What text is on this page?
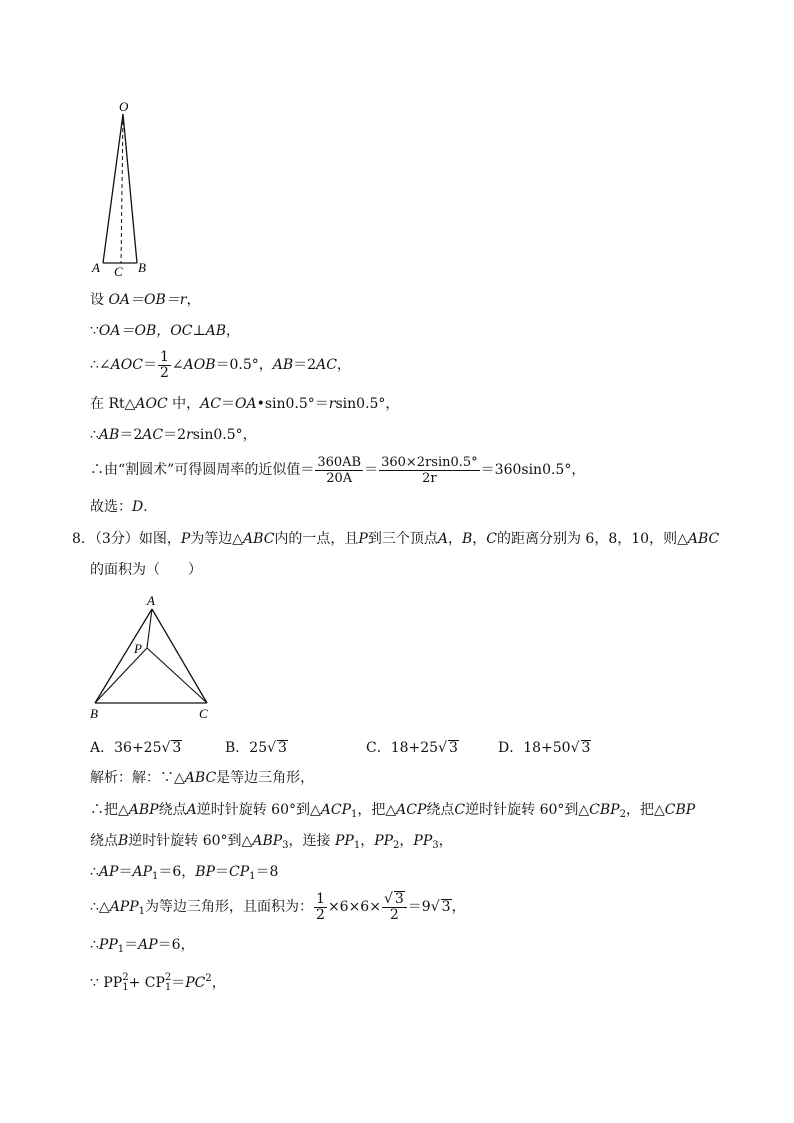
O
A C B
设 OA＝OB＝r，
∵OA＝OB，OC⊥AB，
∴∠AOC＝ $\frac{1}{2}$ ∠AOB＝0.5°，AB＝2AC，
在 Rt△AOC 中，AC＝OA•sin0.5°＝rsin0.5°，
∴AB＝2AC＝2rsin0.5°，
∴由“割圆术”可得圆周率的近似值＝ $\frac{360AB}{20A} = \frac{360\times 2rsin0.5^\circ}{2r} =360\sin 0.5^\circ$，
故选：D．
8．（3分）如图，P为等边△ABC内的一点，且P到三个顶点A，B，C的距离分别为 6，8，10，则△ABC
的面积为（　　）
A
P
B	C
A．36+25√ 3	B．25√ 3	C．18+25√ 3	D．18+50√ 3
解析：解：∵△ABC是等边三角形，
∴把△ABP绕点A逆时针旋转 60°到$\triangle ACP_1$，把△ACP绕点C逆时针旋转 60°到$\triangle CBP_2$，把△CBP
绕点B逆时针旋转 60°到$\triangle ABP_3$，连接 $PP_1$，$PP_2$，$PP_3$，
$\therefore AP=AP_1=6$，$BP=CP_1=8$
$\therefore\triangle APP_1$为等边三角形，且面积为： $\frac{1}{2} \times 6\times 6\times \frac{√ 3}{2} =9√$ 3，
$\therefore PP_1=AP=6$，
∵ PP 2
1 + CP 2
$1 =PC^2$，
